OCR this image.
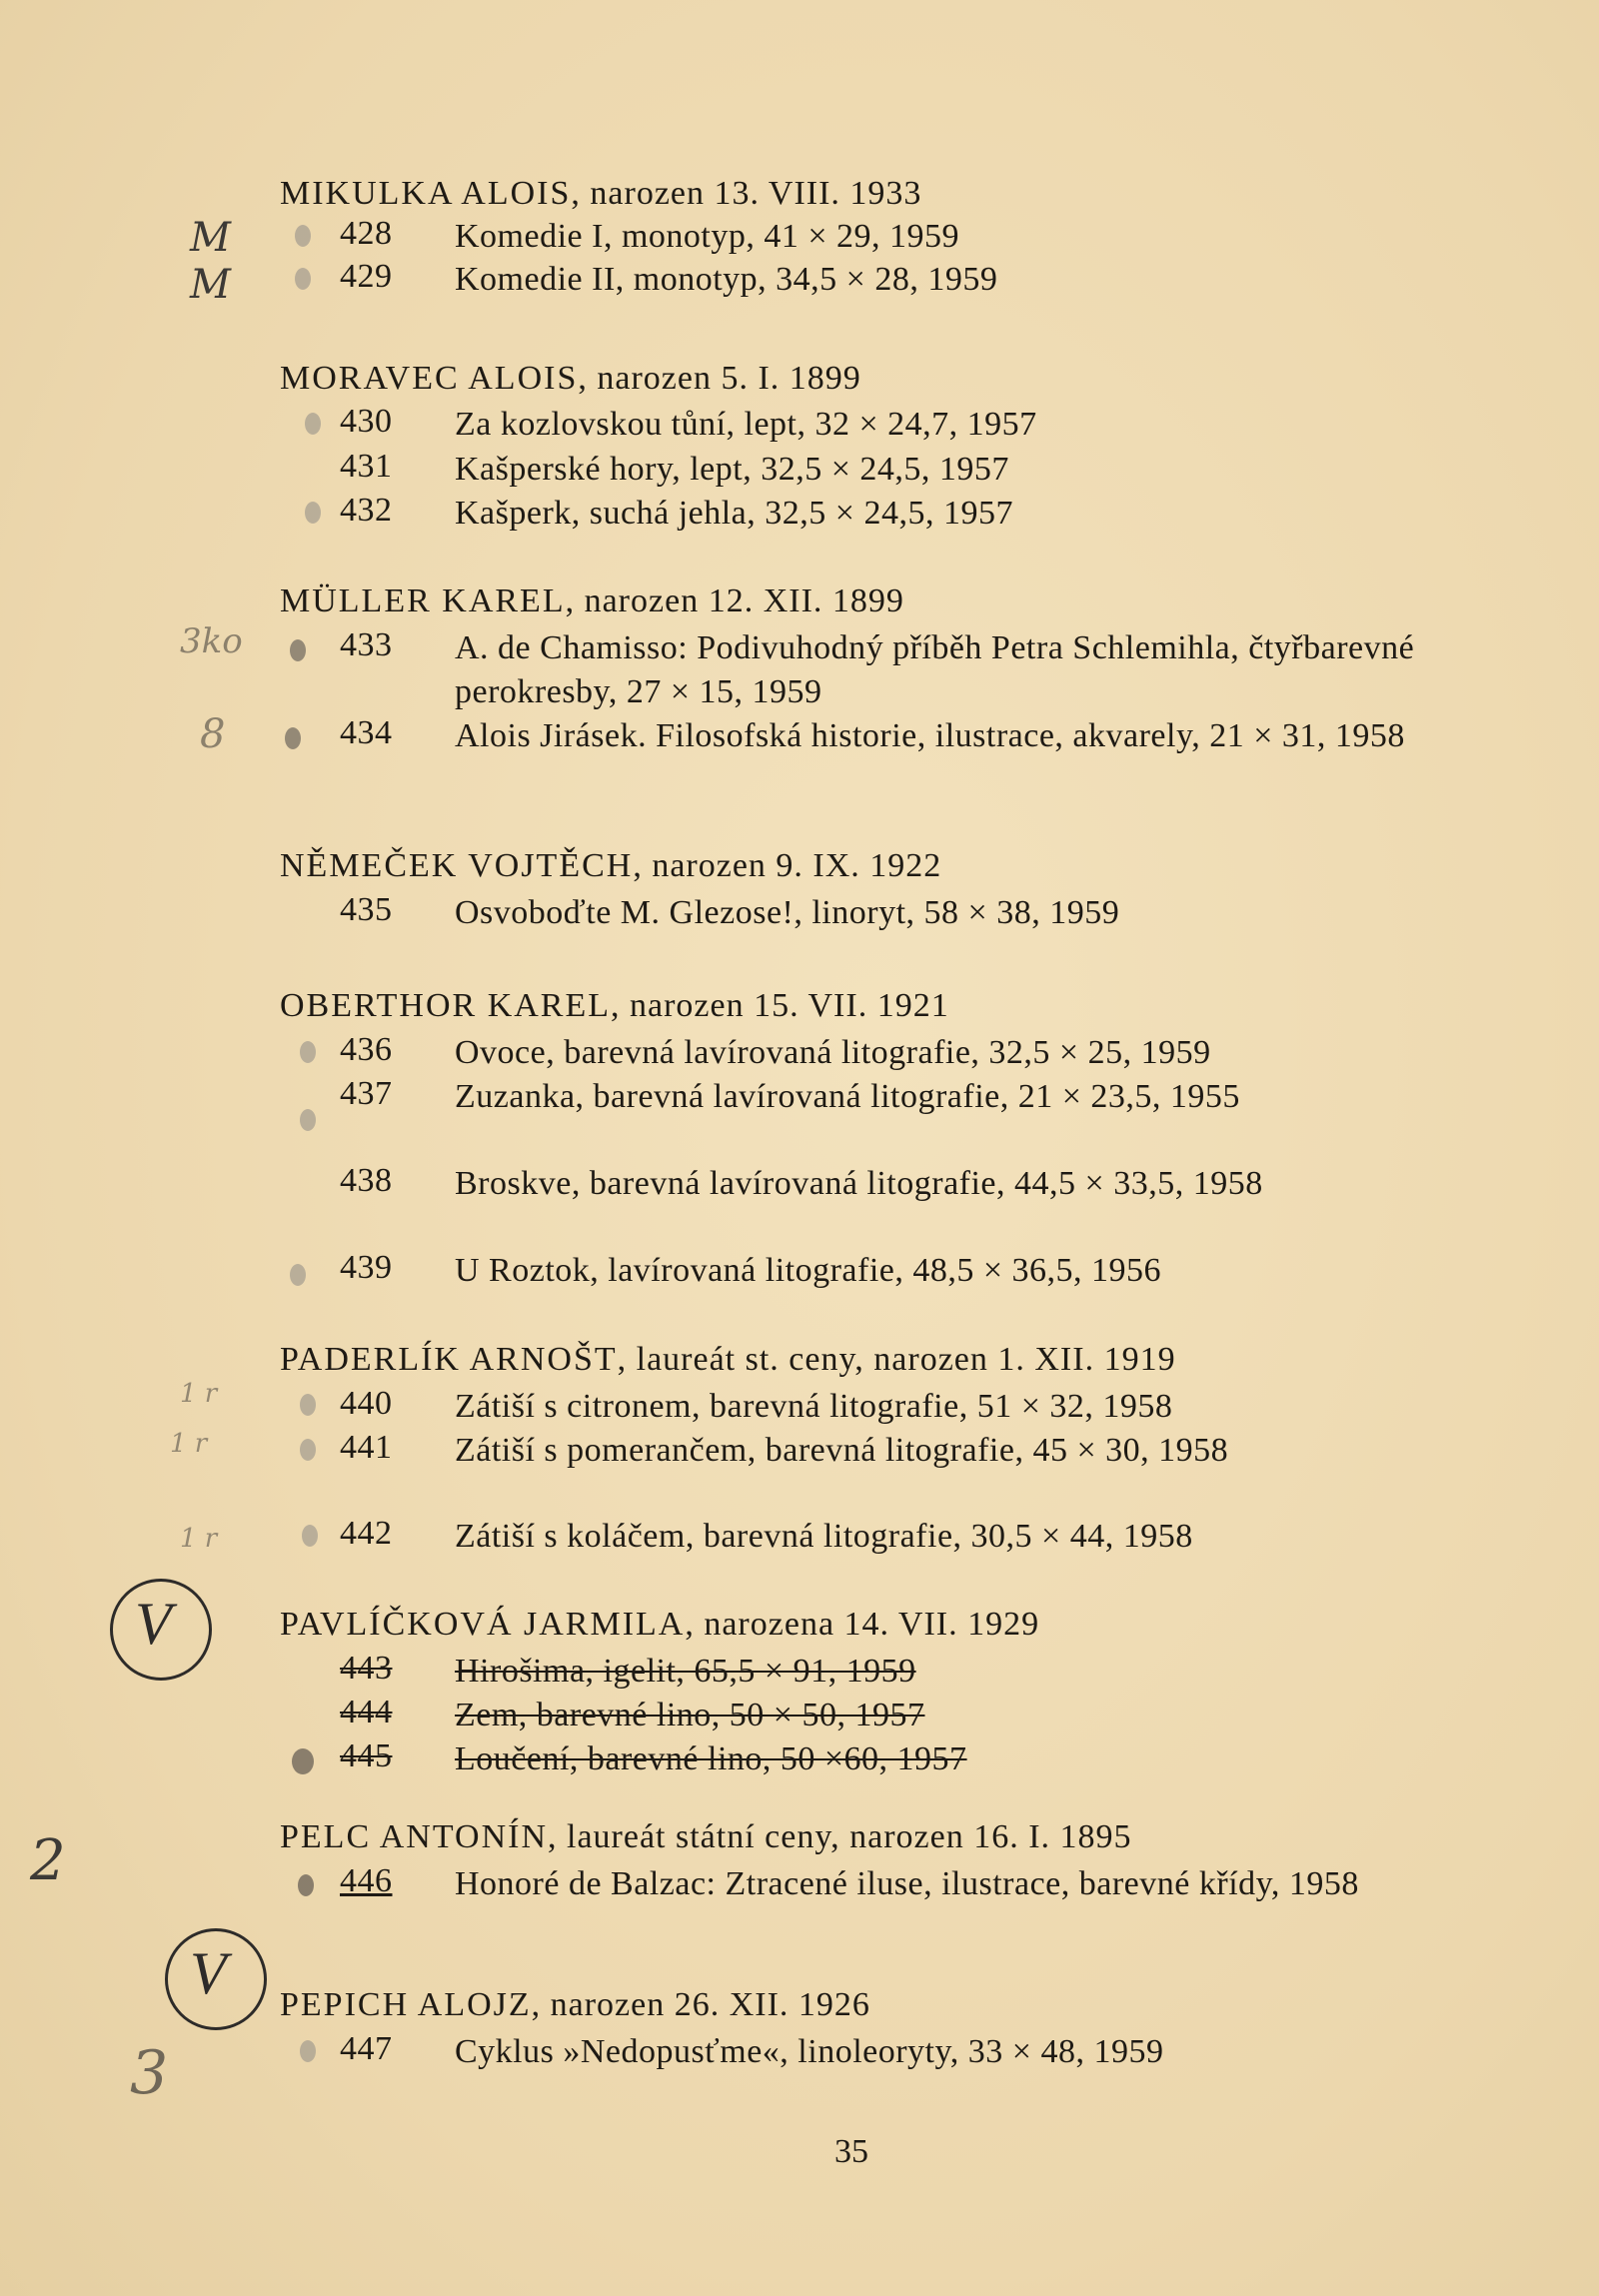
MIKULKA ALOIS, narozen 13. VIII. 1933
428	Komedie I, monotyp, 41 × 29, 1959
429	Komedie II, monotyp, 34,5 × 28, 1959
MORAVEC ALOIS, narozen 5. I. 1899
430	Za kozlovskou tůní, lept, 32 × 24,7, 1957
431	Kašperské hory, lept, 32,5 × 24,5, 1957
432	Kašperk, suchá jehla, 32,5 × 24,5, 1957
MÜLLER KAREL, narozen 12. XII. 1899
433	A. de Chamisso: Podivuhodný příběh Petra Schlemihla, čtyřbarevné perokresby, 27 × 15, 1959
434	Alois Jirásek. Filosofská historie, ilustrace, akvarely, 21 × 31, 1958
NĚMEČEK VOJTĚCH, narozen 9. IX. 1922
435	Osvoboďte M. Glezose!, linoryt, 58 × 38, 1959
OBERTHOR KAREL, narozen 15. VII. 1921
436	Ovoce, barevná lavírovaná litografie, 32,5 × 25, 1959
437	Zuzanka, barevná lavírovaná litografie, 21 × 23,5, 1955
438	Broskve, barevná lavírovaná litografie, 44,5 × 33,5, 1958
439	U Roztok, lavírovaná litografie, 48,5 × 36,5, 1956
PADERLÍK ARNOŠT, laureát st. ceny, narozen 1. XII. 1919
440	Zátiší s citronem, barevná litografie, 51 × 32, 1958
441	Zátiší s pomerančem, barevná litografie, 45 × 30, 1958
442	Zátiší s koláčem, barevná litografie, 30,5 × 44, 1958
PAVLÍČKOVÁ JARMILA, narozena 14. VII. 1929
443	Hirošima, igelit, 65,5 × 91, 1959
444	Zem, barevné lino, 50 × 50, 1957
445	Loučení, barevné lino, 50 ×60, 1957
PELC ANTONÍN, laureát státní ceny, narozen 16. I. 1895
446	Honoré de Balzac: Ztracené iluse, ilustrace, barevné křídy, 1958
PEPICH ALOJZ, narozen 26. XII. 1926
447	Cyklus »Nedopusťme«, linoleoryty, 33 × 48, 1959
35
M
M
3ko
8
1 r
1 r
1 r
V
V
2
3
